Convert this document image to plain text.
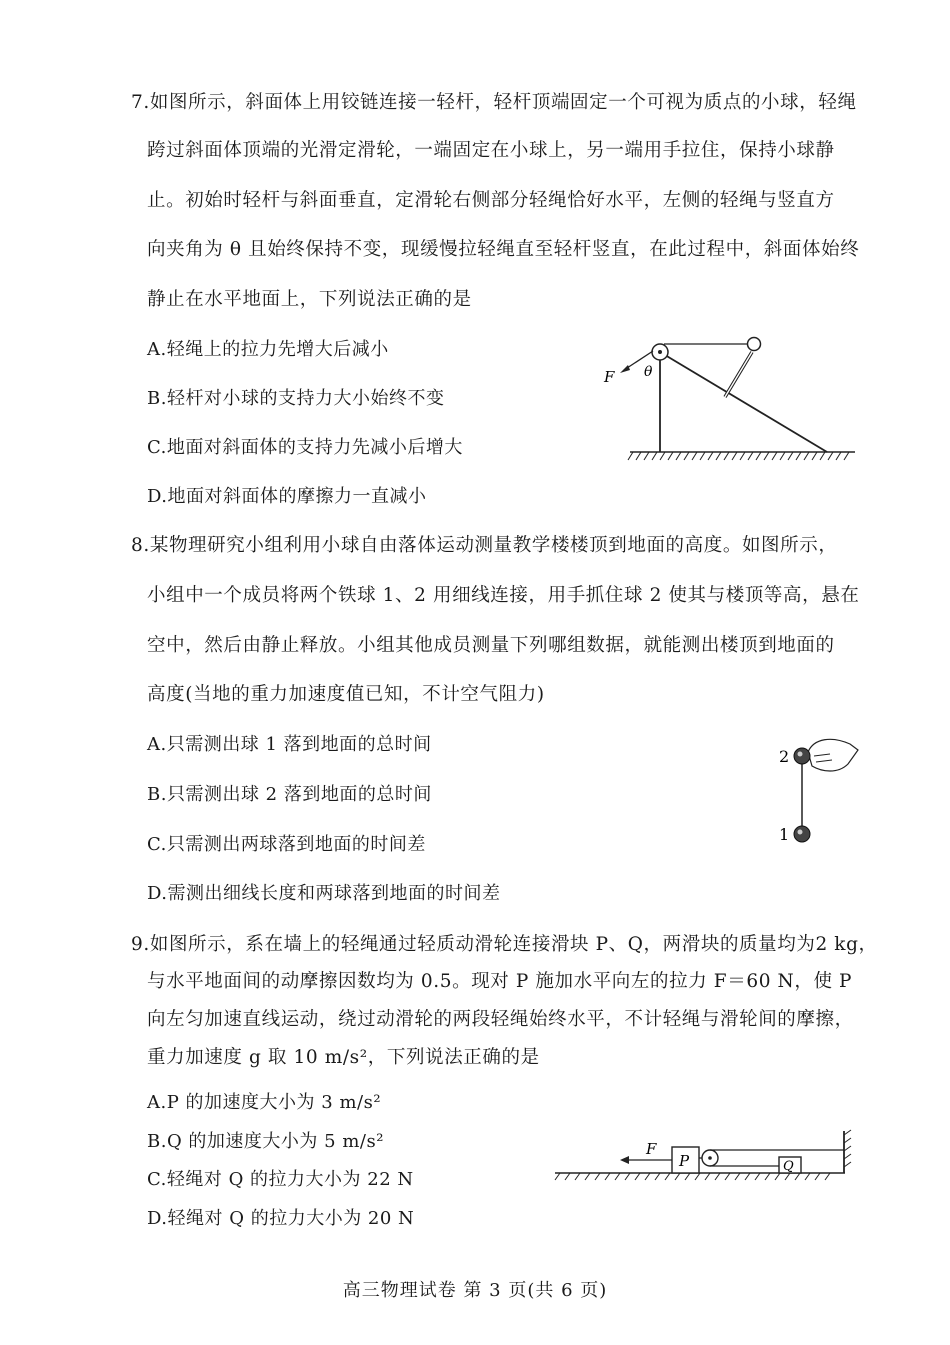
7.如图所示，斜面体上用铰链连接一轻杆，轻杆顶端固定一个可视为质点的小球，轻绳
跨过斜面体顶端的光滑定滑轮，一端固定在小球上，另一端用手拉住，保持小球静
止。初始时轻杆与斜面垂直，定滑轮右侧部分轻绳恰好水平，左侧的轻绳与竖直方
向夹角为 θ 且始终保持不变，现缓慢拉轻绳直至轻杆竖直，在此过程中，斜面体始终
静止在水平地面上，下列说法正确的是
A.轻绳上的拉力先增大后减小
B.轻杆对小球的支持力大小始终不变
C.地面对斜面体的支持力先减小后增大
D.地面对斜面体的摩擦力一直减小
F θ
8.某物理研究小组利用小球自由落体运动测量教学楼楼顶到地面的高度。如图所示，
小组中一个成员将两个铁球 1、2 用细线连接，用手抓住球 2 使其与楼顶等高，悬在
空中，然后由静止释放。小组其他成员测量下列哪组数据，就能测出楼顶到地面的
高度(当地的重力加速度值已知，不计空气阻力)
A.只需测出球 1 落到地面的总时间
B.只需测出球 2 落到地面的总时间
C.只需测出两球落到地面的时间差
D.需测出细线长度和两球落到地面的时间差
2
1
9.如图所示，系在墙上的轻绳通过轻质动滑轮连接滑块 P、Q，两滑块的质量均为2 kg，
与水平地面间的动摩擦因数均为 0.5。现对 P 施加水平向左的拉力 F＝60 N，使 P
向左匀加速直线运动，绕过动滑轮的两段轻绳始终水平，不计轻绳与滑轮间的摩擦，
重力加速度 g 取 10 m/s²，下列说法正确的是
A.P 的加速度大小为 3 m/s²
B.Q 的加速度大小为 5 m/s²
C.轻绳对 Q 的拉力大小为 22 N
D.轻绳对 Q 的拉力大小为 20 N
P	Q
F
高三物理试卷 第 3 页(共 6 页)
